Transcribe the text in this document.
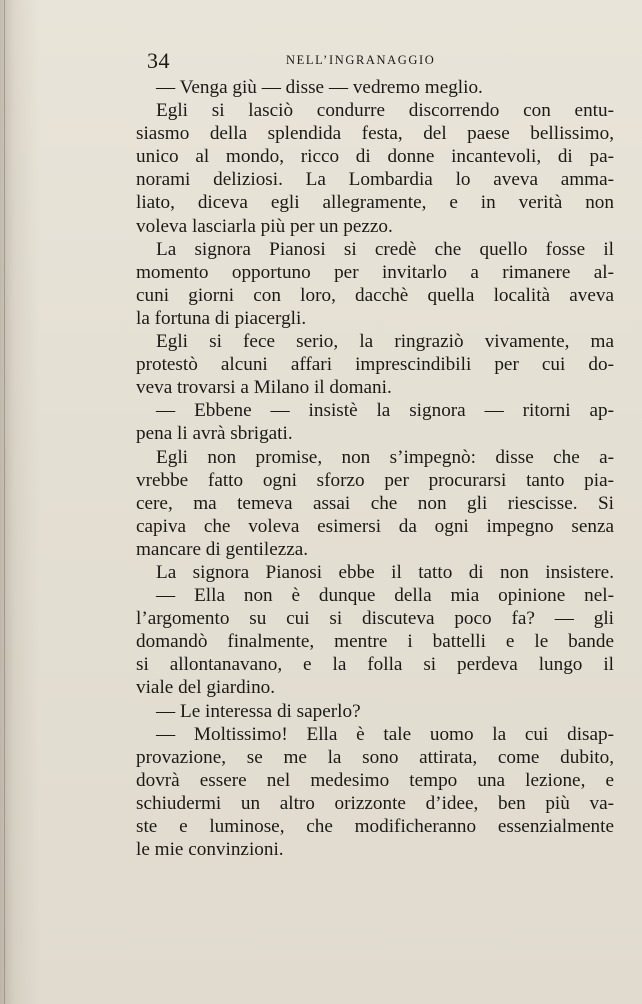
34	NELL’INGRANAGGIO
— Venga giù — disse — vedremo meglio.
Egli si lasciò condurre discorrendo con entu-
siasmo della splendida festa, del paese bellissimo,
unico al mondo, ricco di donne incantevoli, di pa-
norami deliziosi. La Lombardia lo aveva amma-
liato, diceva egli allegramente, e in verità non
voleva lasciarla più per un pezzo.
La signora Pianosi si credè che quello fosse il
momento opportuno per invitarlo a rimanere al-
cuni giorni con loro, dacchè quella località aveva
la fortuna di piacergli.
Egli si fece serio, la ringraziò vivamente, ma
protestò alcuni affari imprescindibili per cui do-
veva trovarsi a Milano il domani.
— Ebbene — insistè la signora — ritorni ap-
pena li avrà sbrigati.
Egli non promise, non s’impegnò: disse che a-
vrebbe fatto ogni sforzo per procurarsi tanto pia-
cere, ma temeva assai che non gli riescisse. Si
capiva che voleva esimersi da ogni impegno senza
mancare di gentilezza.
La signora Pianosi ebbe il tatto di non insistere.
— Ella non è dunque della mia opinione nel-
l’argomento su cui si discuteva poco fa? — gli
domandò finalmente, mentre i battelli e le bande
si allontanavano, e la folla si perdeva lungo il
viale del giardino.
— Le interessa di saperlo?
— Moltissimo! Ella è tale uomo la cui disap-
provazione, se me la sono attirata, come dubito,
dovrà essere nel medesimo tempo una lezione, e
schiudermi un altro orizzonte d’idee, ben più va-
ste e luminose, che modificheranno essenzialmente
le mie convinzioni.
